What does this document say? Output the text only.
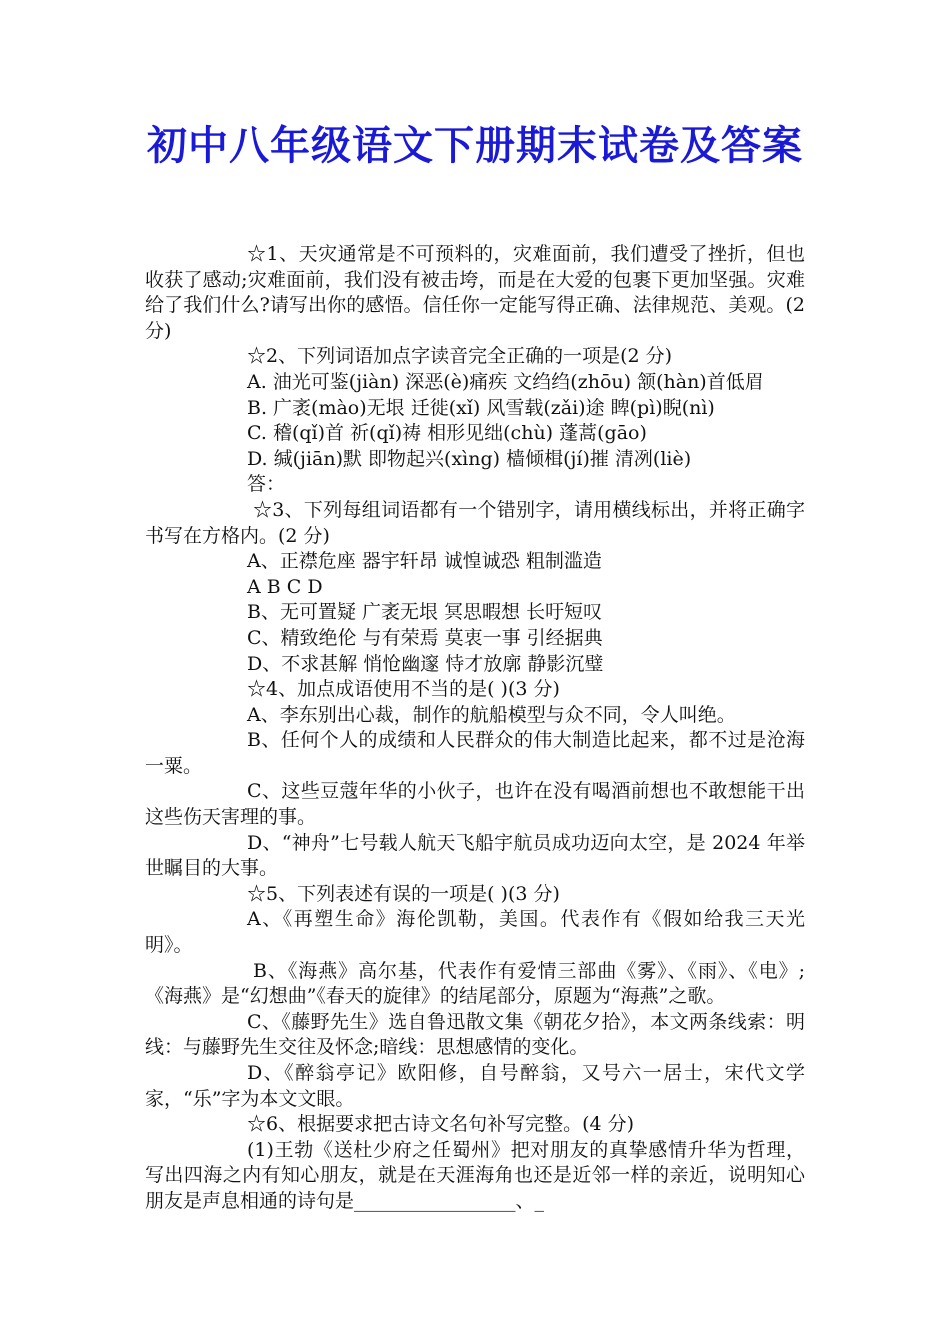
初中八年级语文下册期末试卷及答案

☆1、天灾通常是不可预料的，灾难面前，我们遭受了挫折，但也收获了感动;灾难面前，我们没有被击垮，而是在大爱的包裹下更加坚强。灾难给了我们什么?请写出你的感悟。信任你一定能写得正确、法律规范、美观。(2 分)

☆2、下列词语加点字读音完全正确的一项是(2 分)

A. 油光可鉴(jiàn) 深恶(è)痛疾 文绉绉(zhōu) 颔(hàn)首低眉

B. 广袤(mào)无垠 迁徙(xǐ) 风雪载(zǎi)途 睥(pì)睨(nì)

C. 稽(qǐ)首 祈(qǐ)祷 相形见绌(chù) 蓬蒿(gāo)

D. 缄(jiān)默 即物起兴(xìng) 樯倾楫(jí)摧 清冽(liè)

答：

☆3、下列每组词语都有一个错别字，请用横线标出，并将正确字书写在方格内。(2 分)

A、正襟危座 器宇轩昂 诚惶诚恐 粗制滥造

A B C D

B、无可置疑 广袤无垠 冥思暇想 长吁短叹

C、精致绝伦 与有荣焉 莫衷一事 引经据典

D、不求甚解 悄怆幽邃 恃才放廓 静影沉璧

☆4、加点成语使用不当的是( )(3 分)

A、李东别出心裁，制作的航船模型与众不同，令人叫绝。

B、任何个人的成绩和人民群众的伟大制造比起来，都不过是沧海一粟。

C、这些豆蔻年华的小伙子，也许在没有喝酒前想也不敢想能干出这些伤天害理的事。

D、“神舟”七号载人航天飞船宇航员成功迈向太空，是 2024 年举世瞩目的大事。

☆5、下列表述有误的一项是( )(3 分)

A、《再塑生命》海伦凯勒，美国。代表作有《假如给我三天光明》。

B、《海燕》高尔基，代表作有爱情三部曲《雾》、《雨》、《电》;《海燕》是“幻想曲”《春天的旋律》的结尾部分，原题为“海燕”之歌。

C、《藤野先生》选自鲁迅散文集《朝花夕拾》，本文两条线索：明线：与藤野先生交往及怀念;暗线：思想感情的变化。

D、《醉翁亭记》欧阳修，自号醉翁，又号六一居士，宋代文学家，“乐”字为本文文眼。

☆6、根据要求把古诗文名句补写完整。(4 分)

(1)王勃《送杜少府之任蜀州》把对朋友的真挚感情升华为哲理，写出四海之内有知心朋友，就是在天涯海角也还是近邻一样的亲近，说明知心朋友是声息相通的诗句是_________________、_
